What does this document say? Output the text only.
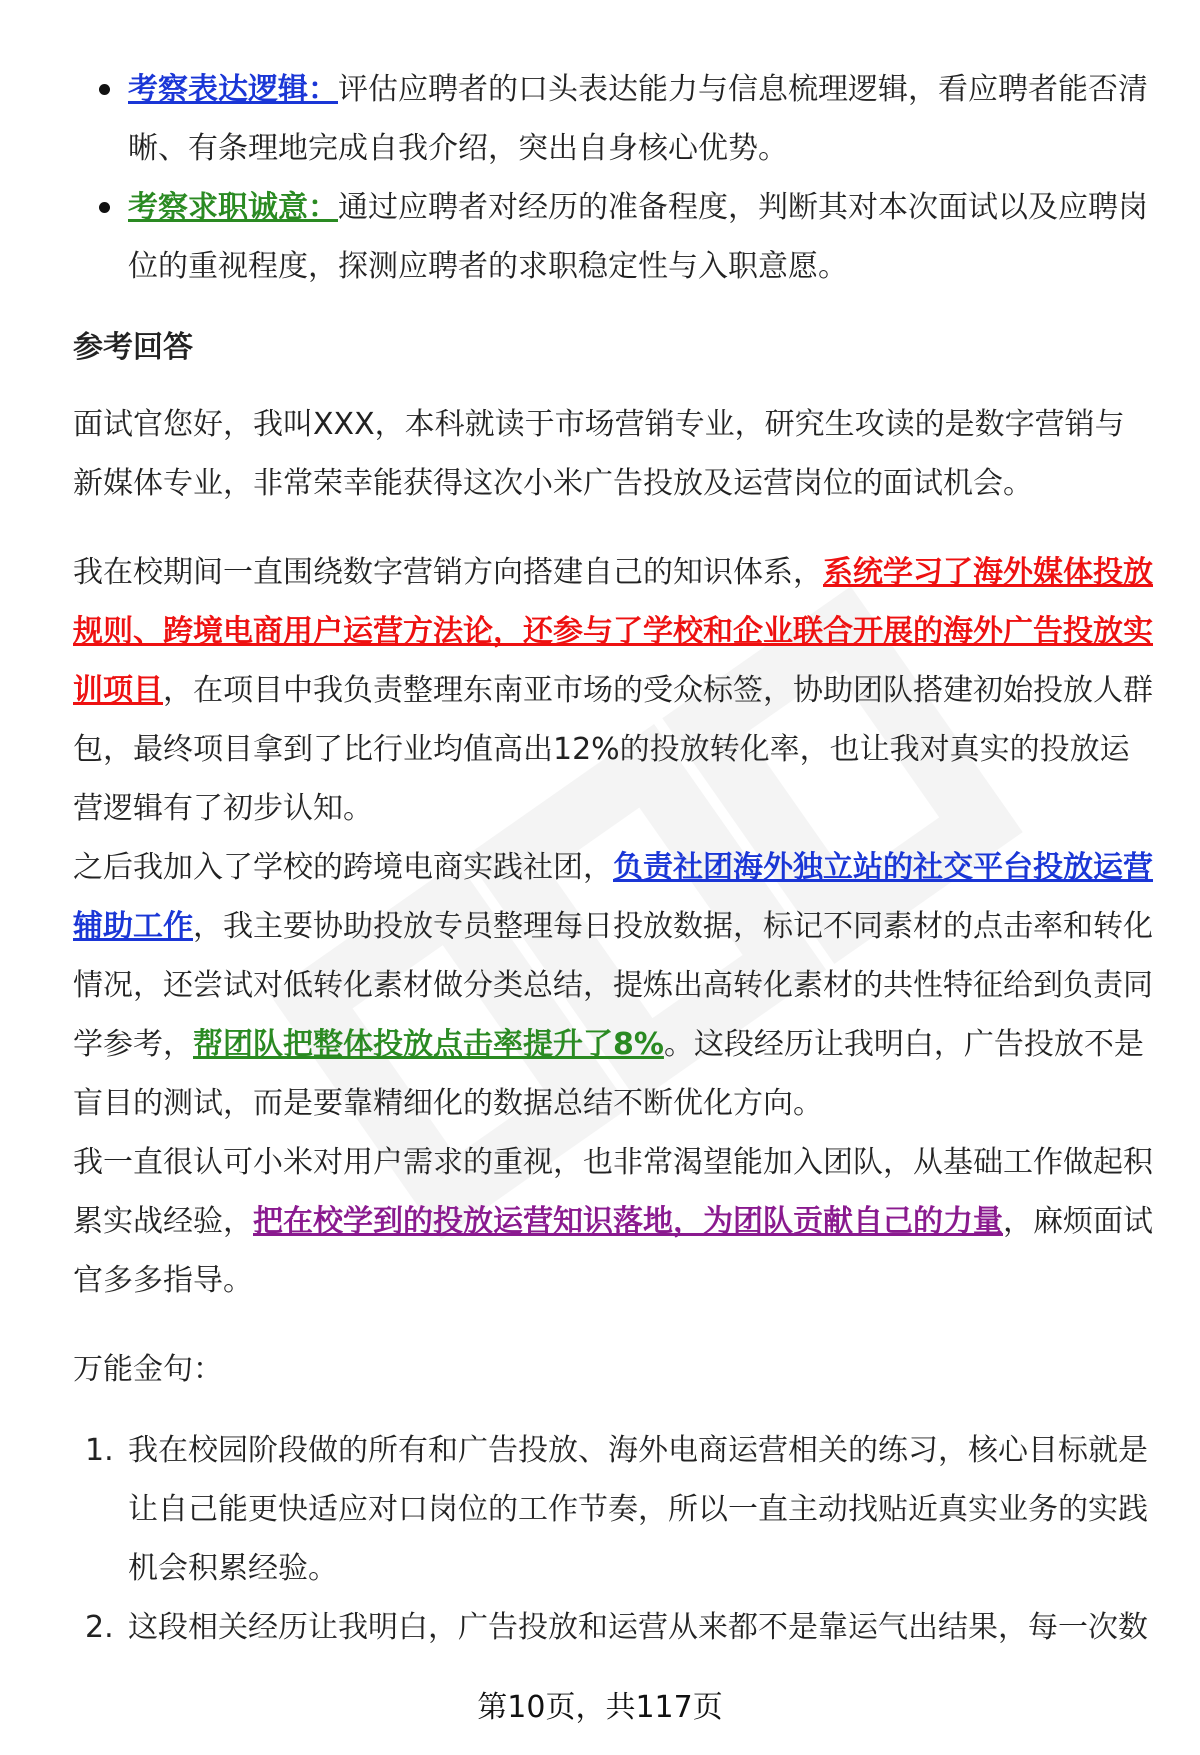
考察表达逻辑：评估应聘者的口头表达能力与信息梳理逻辑，看应聘者能否清晰、有条理地完成自我介绍，突出自身核心优势。
考察求职诚意：通过应聘者对经历的准备程度，判断其对本次面试以及应聘岗位的重视程度，探测应聘者的求职稳定性与入职意愿。
参考回答

面试官您好，我叫XXX，本科就读于市场营销专业，研究生攻读的是数字营销与新媒体专业，非常荣幸能获得这次小米广告投放及运营岗位的面试机会。

我在校期间一直围绕数字营销方向搭建自己的知识体系，系统学习了海外媒体投放规则、跨境电商用户运营方法论，还参与了学校和企业联合开展的海外广告投放实训项目，在项目中我负责整理东南亚市场的受众标签，协助团队搭建初始投放人群包，最终项目拿到了比行业均值高出12%的投放转化率，也让我对真实的投放运营逻辑有了初步认知。

之后我加入了学校的跨境电商实践社团，负责社团海外独立站的社交平台投放运营辅助工作，我主要协助投放专员整理每日投放数据，标记不同素材的点击率和转化情况，还尝试对低转化素材做分类总结，提炼出高转化素材的共性特征给到负责同学参考，帮团队把整体投放点击率提升了8%。这段经历让我明白，广告投放不是盲目的测试，而是要靠精细化的数据总结不断优化方向。

我一直很认可小米对用户需求的重视，也非常渴望能加入团队，从基础工作做起积累实战经验，把在校学到的投放运营知识落地，为团队贡献自己的力量，麻烦面试官多多指导。

万能金句：

1. 我在校园阶段做的所有和广告投放、海外电商运营相关的练习，核心目标就是让自己能更快适应对口岗位的工作节奏，所以一直主动找贴近真实业务的实践机会积累经验。
2. 这段相关经历让我明白，广告投放和运营从来都不是靠运气出结果，每一次数
第10页，共117页
